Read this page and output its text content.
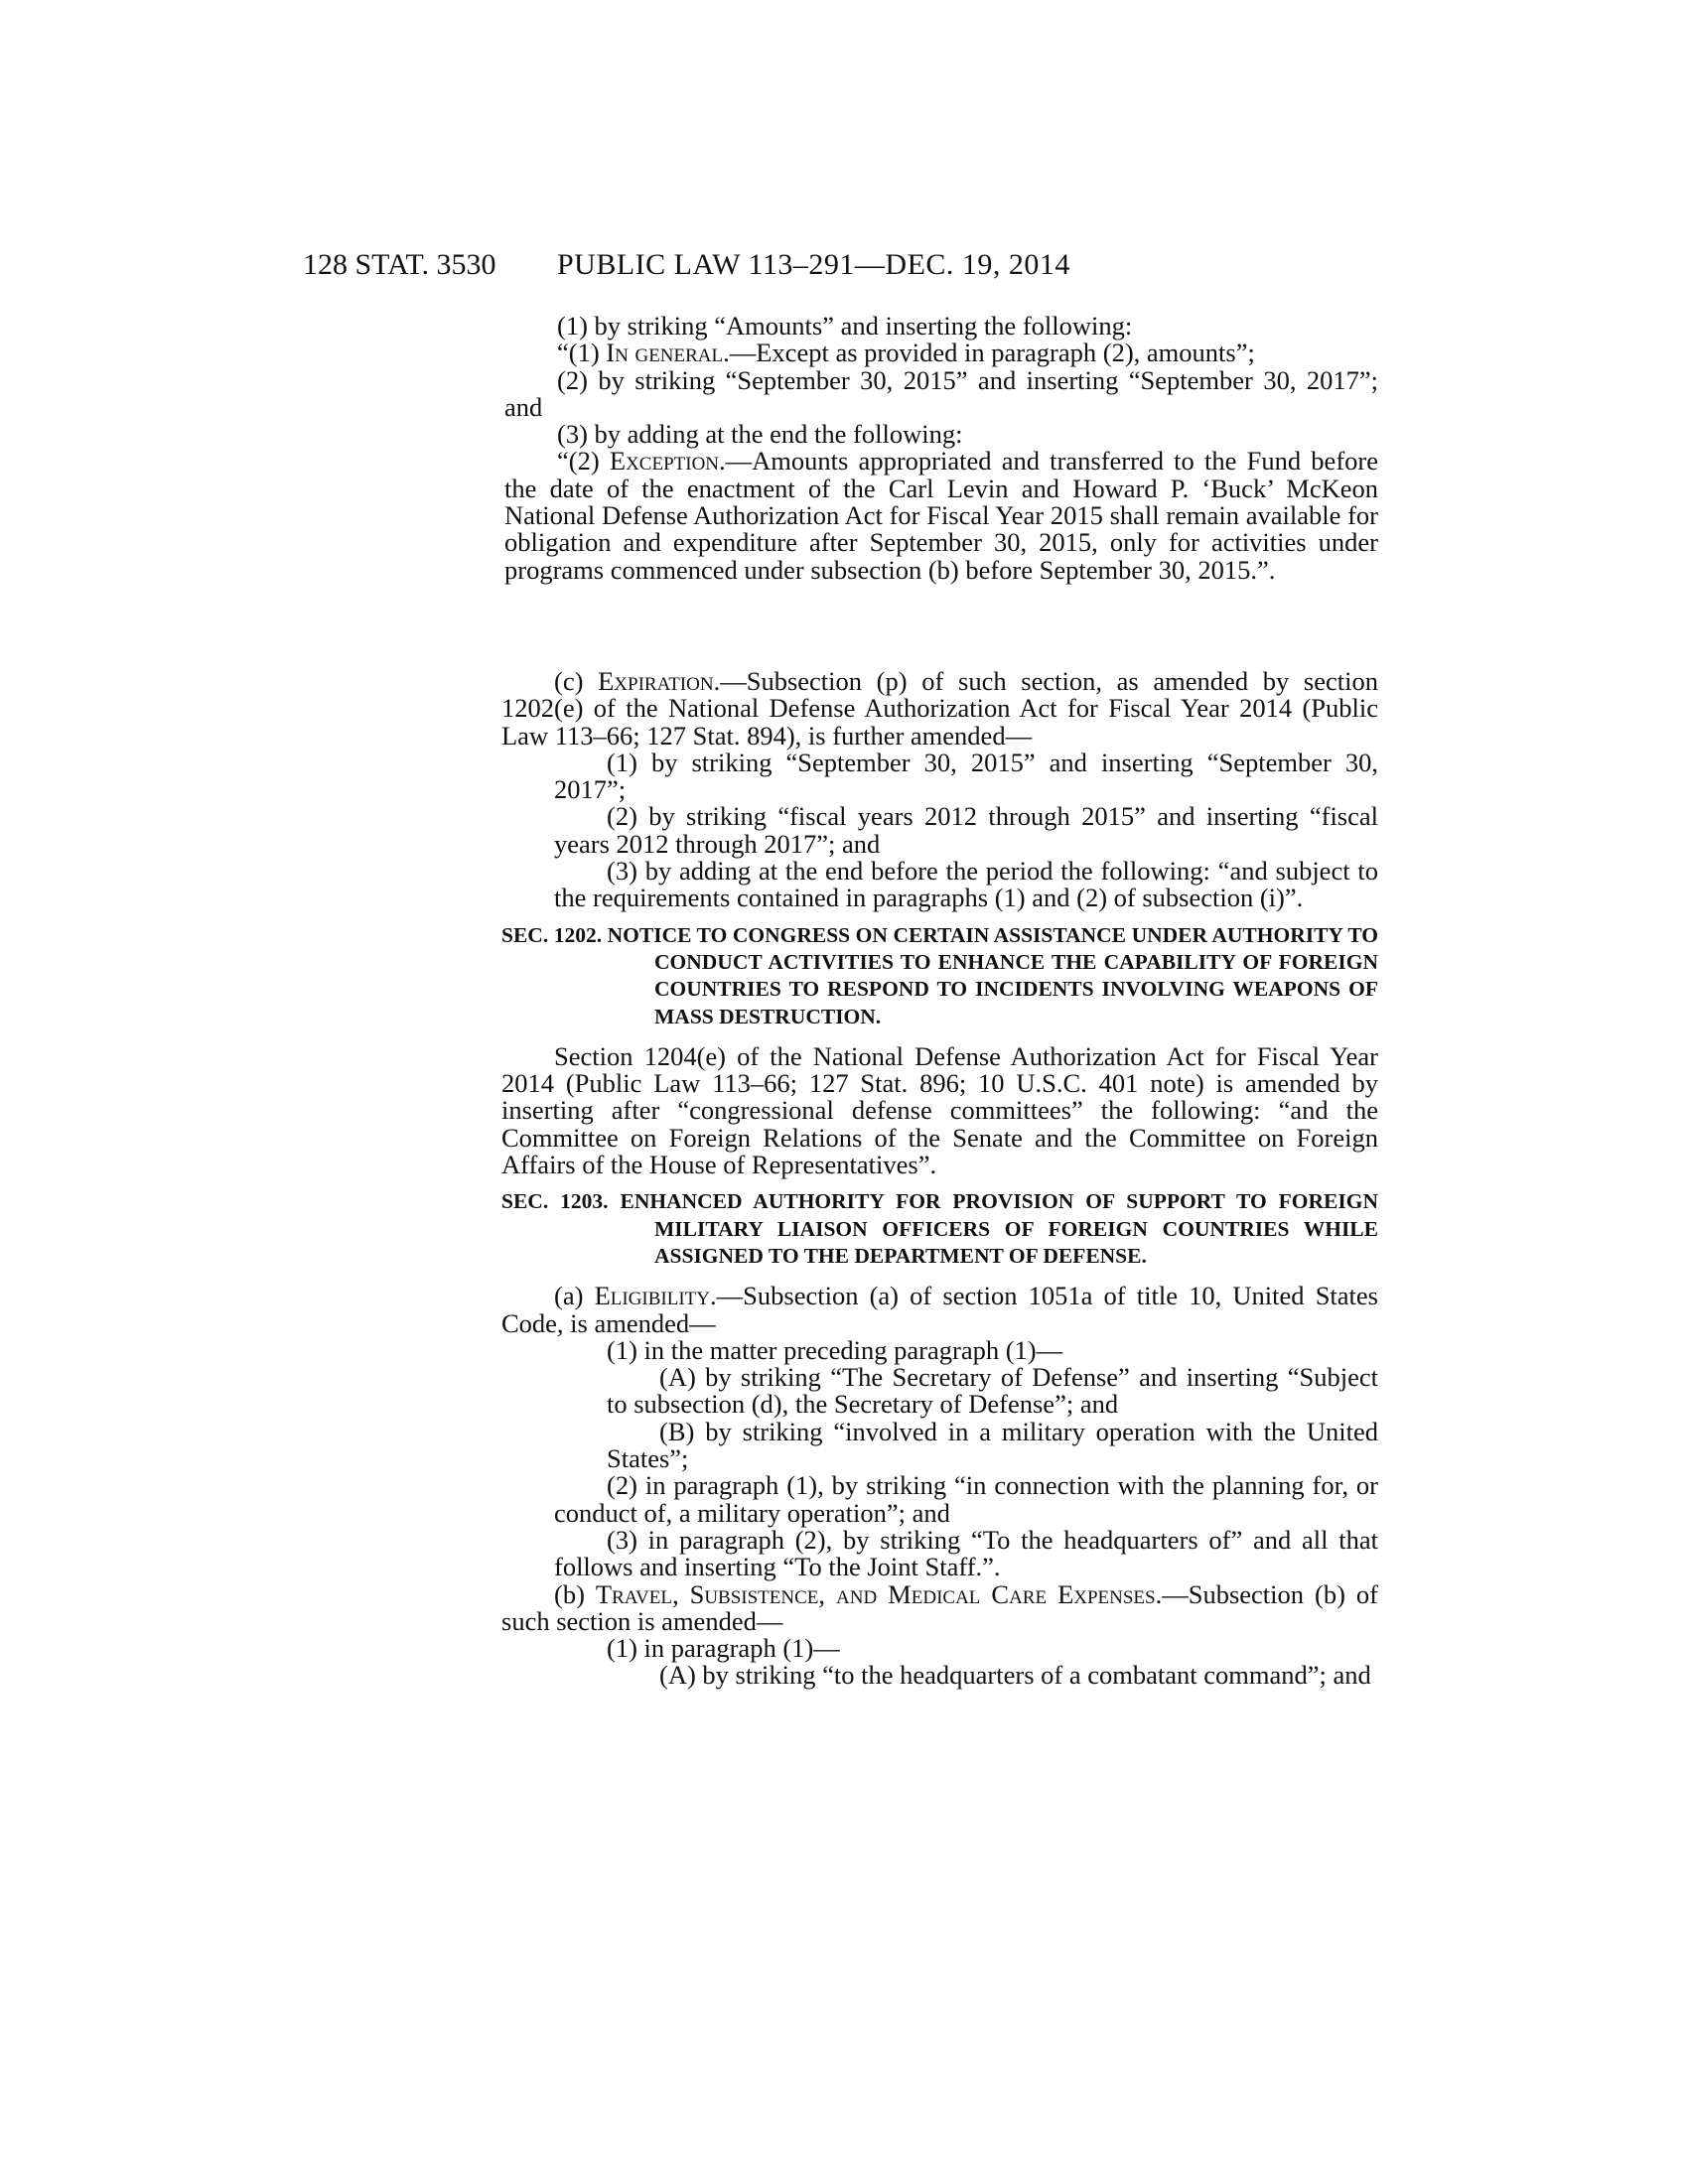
128 STAT. 3530 PUBLIC LAW 113–291—DEC. 19, 2014

(1) by striking “Amounts” and inserting the following:

“(1) In general.—Except as provided in paragraph (2), amounts”;

(2) by striking “September 30, 2015” and inserting “September 30, 2017”; and

(3) by adding at the end the following:

“(2) Exception.—Amounts appropriated and transferred to the Fund before the date of the enactment of the Carl Levin and Howard P. ‘Buck’ McKeon National Defense Authorization Act for Fiscal Year 2015 shall remain available for obligation and expenditure after September 30, 2015, only for activities under programs commenced under subsection (b) before September 30, 2015.”.

(c) Expiration.—Subsection (p) of such section, as amended by section 1202(e) of the National Defense Authorization Act for Fiscal Year 2014 (Public Law 113–66; 127 Stat. 894), is further amended—

(1) by striking “September 30, 2015” and inserting “September 30, 2017”;

(2) by striking “fiscal years 2012 through 2015” and inserting “fiscal years 2012 through 2017”; and

(3) by adding at the end before the period the following: “and subject to the requirements contained in paragraphs (1) and (2) of subsection (i)”.

SEC. 1202. NOTICE TO CONGRESS ON CERTAIN ASSISTANCE UNDER AUTHORITY TO CONDUCT ACTIVITIES TO ENHANCE THE CAPABILITY OF FOREIGN COUNTRIES TO RESPOND TO INCIDENTS INVOLVING WEAPONS OF MASS DESTRUCTION.

Section 1204(e) of the National Defense Authorization Act for Fiscal Year 2014 (Public Law 113–66; 127 Stat. 896; 10 U.S.C. 401 note) is amended by inserting after “congressional defense committees” the following: “and the Committee on Foreign Relations of the Senate and the Committee on Foreign Affairs of the House of Representatives”.

SEC. 1203. ENHANCED AUTHORITY FOR PROVISION OF SUPPORT TO FOREIGN MILITARY LIAISON OFFICERS OF FOREIGN COUNTRIES WHILE ASSIGNED TO THE DEPARTMENT OF DEFENSE.

(a) Eligibility.—Subsection (a) of section 1051a of title 10, United States Code, is amended—

(1) in the matter preceding paragraph (1)—

(A) by striking “The Secretary of Defense” and inserting “Subject to subsection (d), the Secretary of Defense”; and

(B) by striking “involved in a military operation with the United States”;

(2) in paragraph (1), by striking “in connection with the planning for, or conduct of, a military operation”; and

(3) in paragraph (2), by striking “To the headquarters of” and all that follows and inserting “To the Joint Staff.”.

(b) Travel, Subsistence, and Medical Care Expenses.—Subsection (b) of such section is amended—

(1) in paragraph (1)—

(A) by striking “to the headquarters of a combatant command”; and
